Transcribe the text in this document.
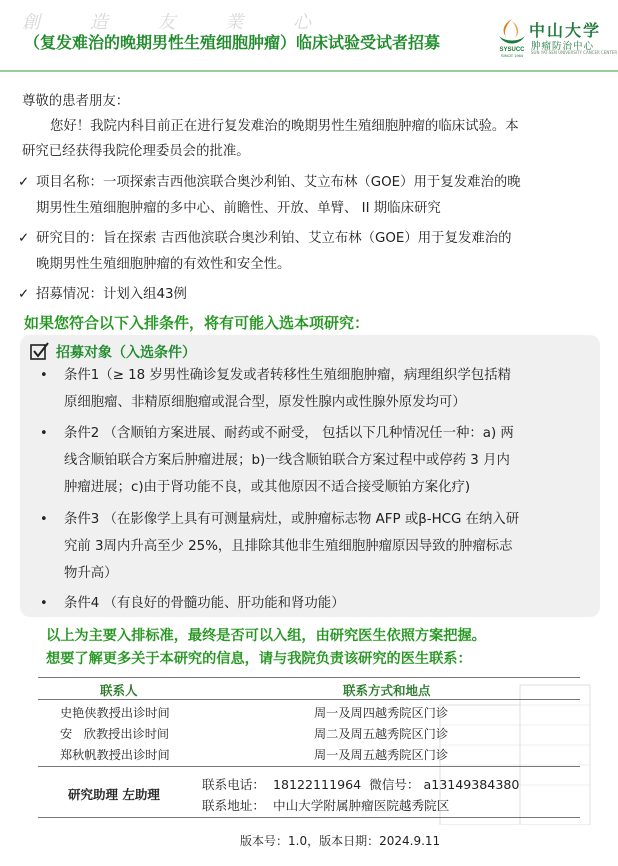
創 造 友 業 心
（复发难治的晚期男性生殖细胞肿瘤）临床试验受试者招募	SYSUCC
SINCE 1964
中山大学
肿瘤防治中心
SUN YAT-SEN UNIVERSITY CANCER CENTER
尊敬的患者朋友：
您好！我院内科目前正在进行复发难治的晚期男性生殖细胞肿瘤的临床试验。本
研究已经获得我院伦理委员会的批准。
✓ 项目名称：一项探索吉西他滨联合奥沙利铂、艾立布林（GOE）用于复发难治的晚
期男性生殖细胞肿瘤的多中心、前瞻性、开放、单臂、 II 期临床研究
✓ 研究目的：旨在探索 吉西他滨联合奥沙利铂、艾立布林（GOE）用于复发难治的
晚期男性生殖细胞肿瘤的有效性和安全性。
✓ 招募情况：计划入组43例
如果您符合以下入排条件，将有可能入选本项研究：
招募对象（入选条件）
• 条件1（≥ 18 岁男性确诊复发或者转移性生殖细胞肿瘤，病理组织学包括精
原细胞瘤、非精原细胞瘤或混合型，原发性腺内或性腺外原发均可）
• 条件2 （含顺铂方案进展、耐药或不耐受， 包括以下几种情况任一种：a) 两
线含顺铂联合方案后肿瘤进展；b)一线含顺铂联合方案过程中或停药 3 月内
肿瘤进展；c)由于肾功能不良，或其他原因不适合接受顺铂方案化疗)
• 条件3 （在影像学上具有可测量病灶，或肿瘤标志物 AFP 或β-HCG 在纳入研
究前 3周内升高至少 25%，且排除其他非生殖细胞肿瘤原因导致的肿瘤标志
物升高）
• 条件4 （有良好的骨髓功能、肝功能和肾功能）
以上为主要入排标准，最终是否可以入组，由研究医生依照方案把握。
想要了解更多关于本研究的信息，请与我院负责该研究的医生联系：
联系人	联系方式和地点
史艳侠教授出诊时间	周一及周四越秀院区门诊
安   欣教授出诊时间	周二及周五越秀院区门诊
郑秋帆教授出诊时间	周一及周五越秀院区门诊
研究助理 左助理
联系电话：  18122111964  微信号： a13149384380
联系地址：  中山大学附属肿瘤医院越秀院区
版本号：1.0，版本日期：2024.9.11
